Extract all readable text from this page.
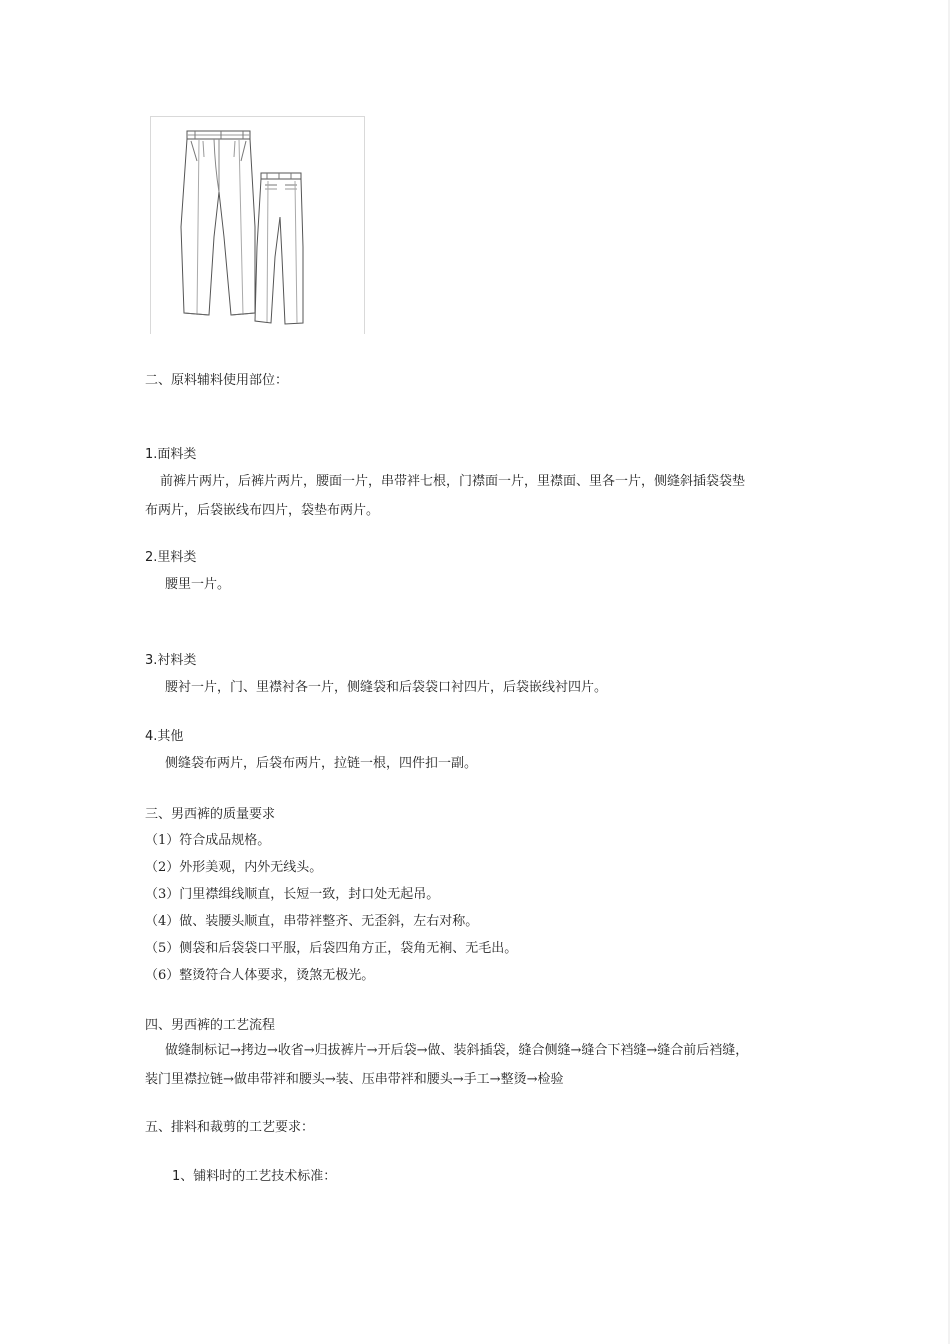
二、原料辅料使用部位：
1.面料类
前裤片两片，后裤片两片，腰面一片，串带袢七根，门襟面一片，里襟面、里各一片，侧缝斜插袋袋垫
布两片，后袋嵌线布四片，袋垫布两片。
2.里料类
腰里一片。
3.衬料类
腰衬一片，门、里襟衬各一片，侧缝袋和后袋袋口衬四片，后袋嵌线衬四片。
4.其他
侧缝袋布两片，后袋布两片，拉链一根，四件扣一副。
三、男西裤的质量要求
（1）符合成品规格。
（2）外形美观，内外无线头。
（3）门里襟缉线顺直，长短一致，封口处无起吊。
（4）做、装腰头顺直，串带袢整齐、无歪斜，左右对称。
（5）侧袋和后袋袋口平服，后袋四角方正，袋角无裥、无毛出。
（6）整烫符合人体要求，烫煞无极光。
四、男西裤的工艺流程
做缝制标记→拷边→收省→归拔裤片→开后袋→做、装斜插袋，缝合侧缝→缝合下裆缝→缝合前后裆缝，
装门里襟拉链→做串带袢和腰头→装、压串带袢和腰头→手工→整烫→检验
五、排料和裁剪的工艺要求：
1、铺料时的工艺技术标准：
